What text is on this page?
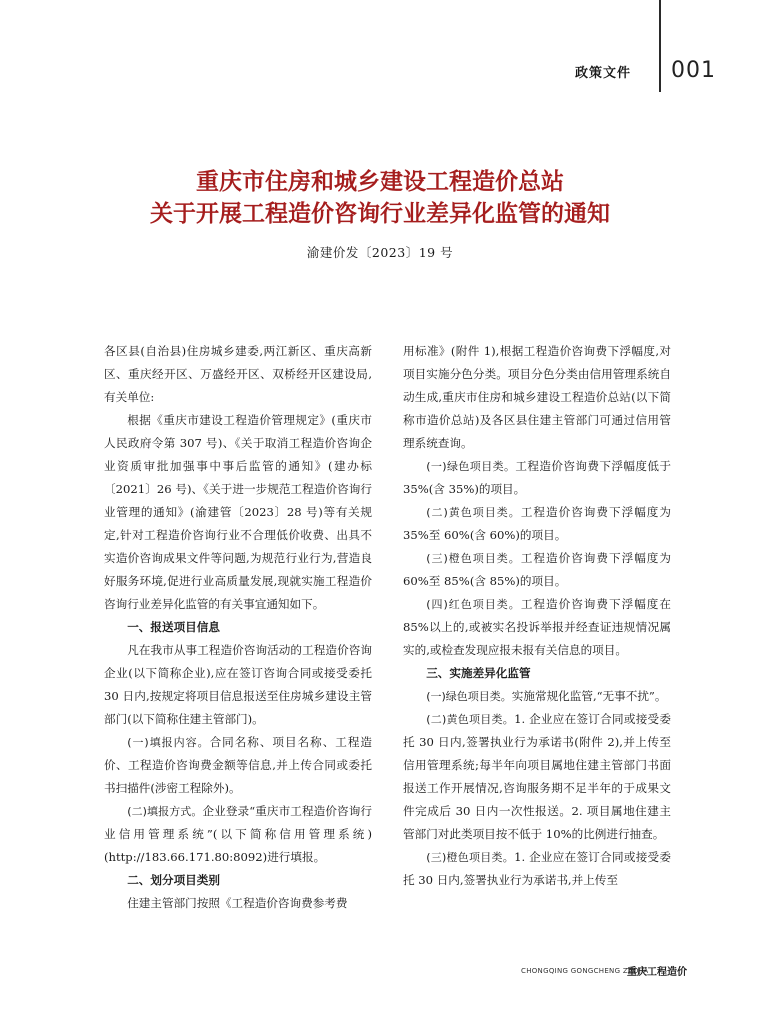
政策文件 001
重庆市住房和城乡建设工程造价总站
关于开展工程造价咨询行业差异化监管的通知
渝建价发〔2023〕19 号

各区县(自治县)住房城乡建委,两江新区、重庆高新区、重庆经开区、万盛经开区、双桥经开区建设局,有关单位:

根据《重庆市建设工程造价管理规定》(重庆市人民政府令第 307 号)、《关于取消工程造价咨询企业资质审批加强事中事后监管的通知》(建办标〔2021〕26 号)、《关于进一步规范工程造价咨询行业管理的通知》(渝建管〔2023〕28 号)等有关规定,针对工程造价咨询行业不合理低价收费、出具不实造价咨询成果文件等问题,为规范行业行为,营造良好服务环境,促进行业高质量发展,现就实施工程造价咨询行业差异化监管的有关事宜通知如下。

一、报送项目信息

凡在我市从事工程造价咨询活动的工程造价咨询企业(以下简称企业),应在签订咨询合同或接受委托 30 日内,按规定将项目信息报送至住房城乡建设主管部门(以下简称住建主管部门)。

(一)填报内容。合同名称、项目名称、工程造价、工程造价咨询费金额等信息,并上传合同或委托书扫描件(涉密工程除外)。

(二)填报方式。企业登录“重庆市工程造价咨询行业信用管理系统”(以下简称信用管理系统)(http://183.66.171.80:8092)进行填报。

二、划分项目类别

住建主管部门按照《工程造价咨询费参考费

用标准》(附件 1),根据工程造价咨询费下浮幅度,对项目实施分色分类。项目分色分类由信用管理系统自动生成,重庆市住房和城乡建设工程造价总站(以下简称市造价总站)及各区县住建主管部门可通过信用管理系统查询。

(一)绿色项目类。工程造价咨询费下浮幅度低于 35%(含 35%)的项目。

(二)黄色项目类。工程造价咨询费下浮幅度为 35%至 60%(含 60%)的项目。

(三)橙色项目类。工程造价咨询费下浮幅度为 60%至 85%(含 85%)的项目。

(四)红色项目类。工程造价咨询费下浮幅度在 85%以上的,或被实名投诉举报并经查证违规情况属实的,或检查发现应报未报有关信息的项目。

三、实施差异化监管

(一)绿色项目类。实施常规化监管,“无事不扰”。

(二)黄色项目类。1. 企业应在签订合同或接受委托 30 日内,签署执业行为承诺书(附件 2),并上传至信用管理系统;每半年向项目属地住建主管部门书面报送工作开展情况,咨询服务期不足半年的于成果文件完成后 30 日内一次性报送。2. 项目属地住建主管部门对此类项目按不低于 10%的比例进行抽查。

(三)橙色项目类。1. 企业应在签订合同或接受委托 30 日内,签署执业行为承诺书,并上传至

CHONGQING GONGCHENG ZAOJIA
重庆工程造价
